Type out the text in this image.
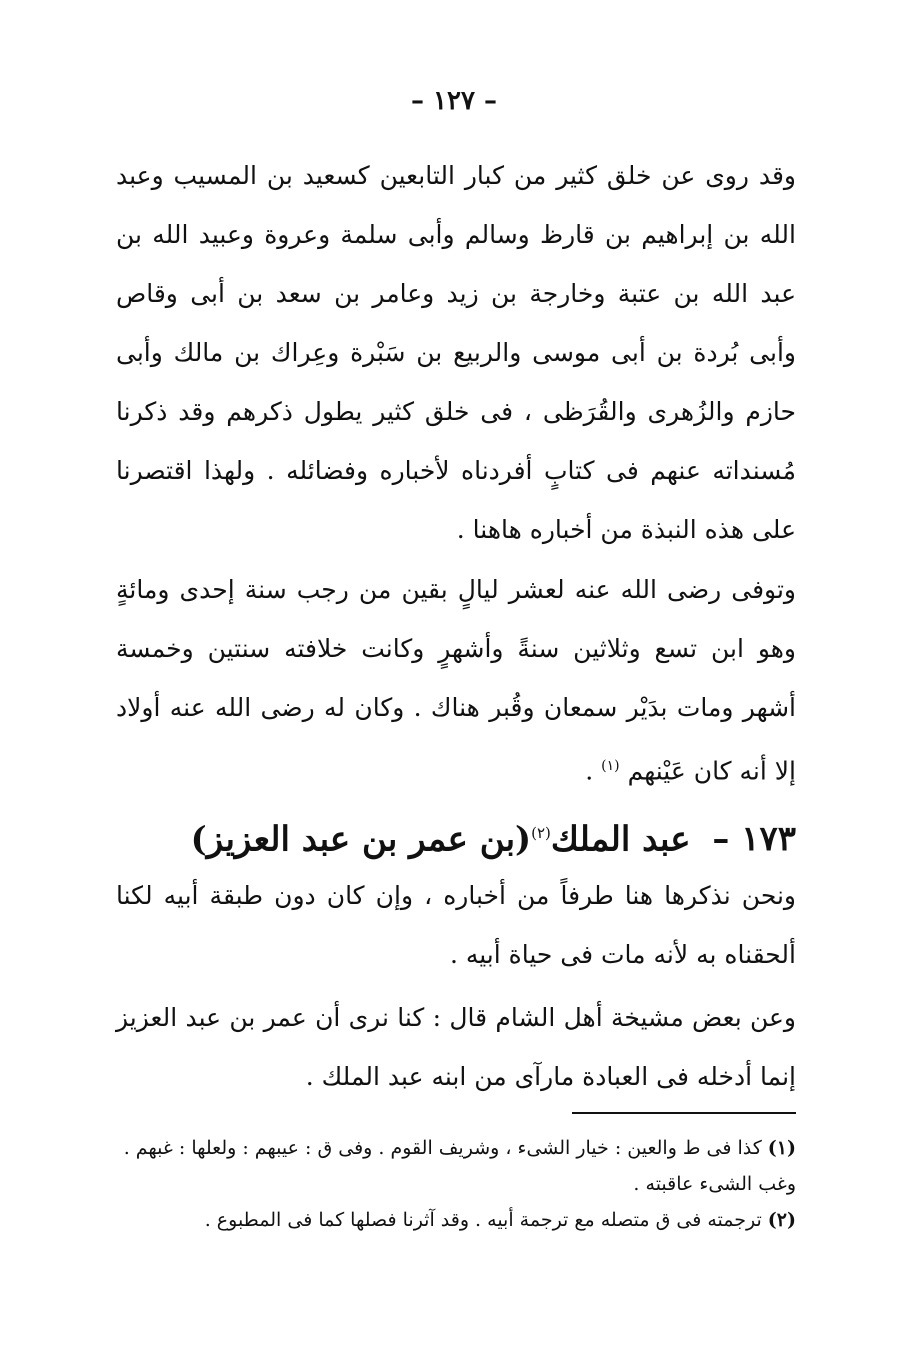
– ١٢٧ –

وقد روى عن خلق كثير من كبار التابعين كسعيد بن المسيب وعبد الله بن إبراهيم بن قارظ وسالم وأبى سلمة وعروة وعبيد الله بن عبد الله بن عتبة وخارجة بن زيد وعامر بن سعد بن أبى وقاص وأبى بُردة بن أبى موسى والربيع بن سَبْرة وعِراك بن مالك وأبى حازم والزُهرى والقُرَظى ، فى خلق كثير يطول ذكرهم وقد ذكرنا مُسنداته عنهم فى كتابٍ أفردناه لأخباره وفضائله . ولهذا اقتصرنا على هذه النبذة من أخباره هاهنا .

وتوفى رضى الله عنه لعشر ليالٍ بقين من رجب سنة إحدى ومائةٍ وهو ابن تسع وثلاثين سنةً وأشهرٍ وكانت خلافته سنتين وخمسة أشهر ومات بدَيْر سمعان وقُبر هناك . وكان له رضى الله عنه أولاد إلا أنه كان عَيْنهم $^{(١)}$ .

١٧٣ – عبد الملك$^{(٢)}$(بن عمر بن عبد العزيز)

ونحن نذكرها هنا طرفاً من أخباره ، وإن كان دون طبقة أبيه لكنا ألحقناه به لأنه مات فى حياة أبيه .

وعن بعض مشيخة أهل الشام قال : كنا نرى أن عمر بن عبد العزيز إنما أدخله فى العبادة مارآى من ابنه عبد الملك .

(١)كذا فى ط والعين : خيار الشىء ، وشريف القوم . وفى ق : عيبهم : ولعلها : غبهم . وغب الشىء عاقبته .

(٢)ترجمته فى ق متصله مع ترجمة أبيه . وقد آثرنا فصلها كما فى المطبوع .
